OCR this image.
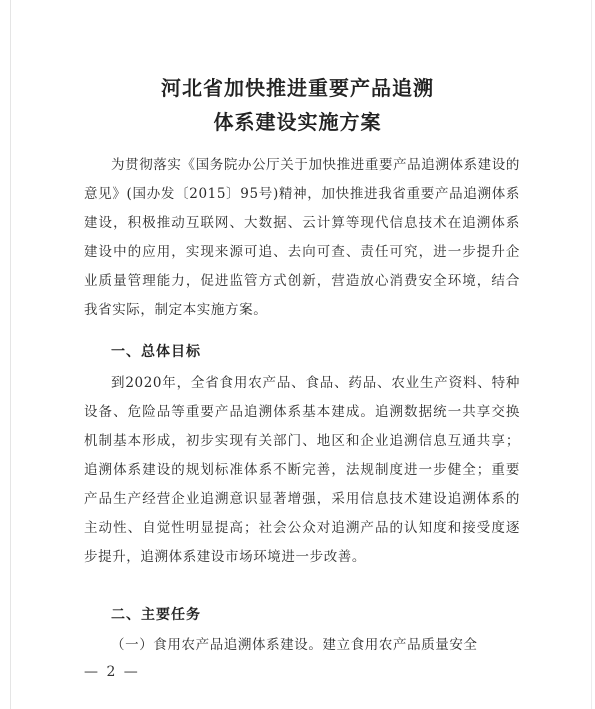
河北省加快推进重要产品追溯
体系建设实施方案
为贯彻落实《国务院办公厅关于加快推进重要产品追溯体系建设的意见》(国办发〔2015〕95号)精神，加快推进我省重要产品追溯体系建设，积极推动互联网、大数据、云计算等现代信息技术在追溯体系建设中的应用，实现来源可追、去向可查、责任可究，进一步提升企业质量管理能力，促进监管方式创新，营造放心消费安全环境，结合我省实际，制定本实施方案。
一、总体目标
到2020年，全省食用农产品、食品、药品、农业生产资料、特种设备、危险品等重要产品追溯体系基本建成。追溯数据统一共享交换机制基本形成，初步实现有关部门、地区和企业追溯信息互通共享；追溯体系建设的规划标准体系不断完善，法规制度进一步健全；重要产品生产经营企业追溯意识显著增强，采用信息技术建设追溯体系的主动性、自觉性明显提高；社会公众对追溯产品的认知度和接受度逐步提升，追溯体系建设市场环境进一步改善。
二、主要任务
（一）食用农产品追溯体系建设。建立食用农产品质量安全
— 2 —
